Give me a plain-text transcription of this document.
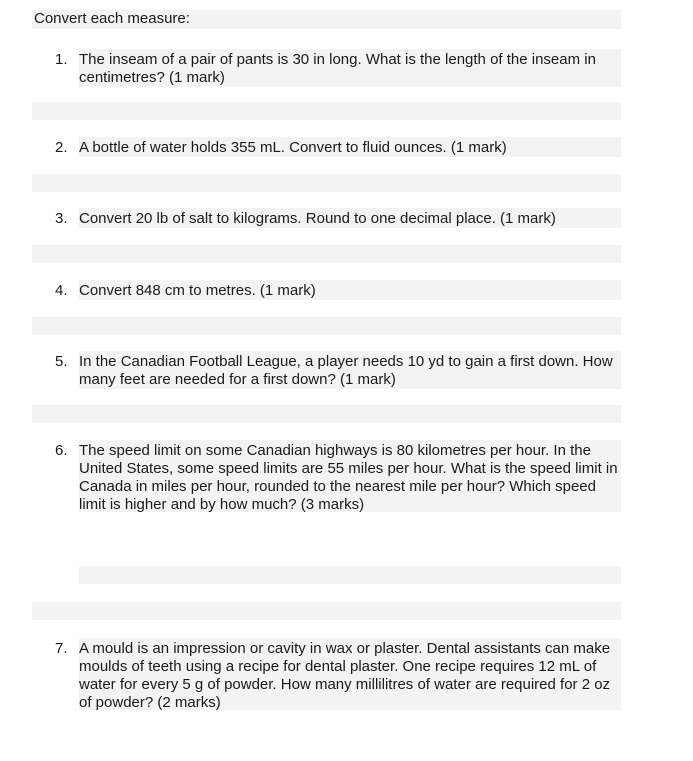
Convert each measure:
1. The inseam of a pair of pants is 30 in long. What is the length of the inseam in centimetres? (1 mark)

2. A bottle of water holds 355 mL. Convert to fluid ounces. (1 mark)

3. Convert 20 lb of salt to kilograms. Round to one decimal place. (1 mark)

4. Convert 848 cm to metres. (1 mark)

5. In the Canadian Football League, a player needs 10 yd to gain a first down. How many feet are needed for a first down? (1 mark)

6. The speed limit on some Canadian highways is 80 kilometres per hour. In the United States, some speed limits are 55 miles per hour. What is the speed limit in Canada in miles per hour, rounded to the nearest mile per hour? Which speed limit is higher and by how much? (3 marks)

7. A mould is an impression or cavity in wax or plaster. Dental assistants can make moulds of teeth using a recipe for dental plaster. One recipe requires 12 mL of water for every 5 g of powder. How many millilitres of water are required for 2 oz of powder? (2 marks)
